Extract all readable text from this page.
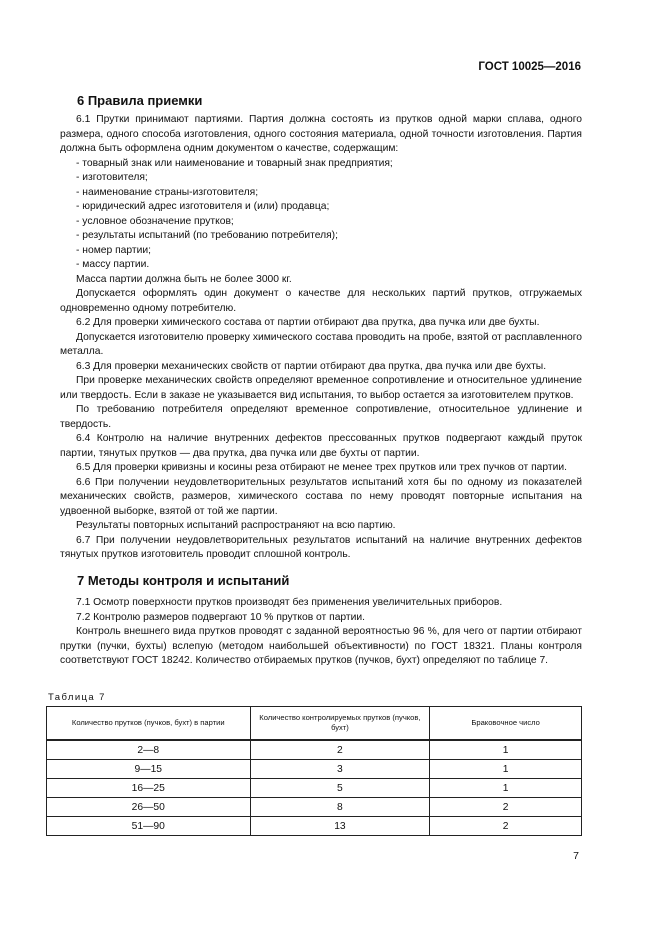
ГОСТ 10025—2016
6 Правила приемки

6.1 Прутки принимают партиями. Партия должна состоять из прутков одной марки сплава, одного размера, одного способа изготовления, одного состояния материала, одной точности изготовления. Партия должна быть оформлена одним документом о качестве, содержащим:

- товарный знак или наименование и товарный знак предприятия;

- изготовителя;

- наименование страны-изготовителя;

- юридический адрес изготовителя и (или) продавца;

- условное обозначение прутков;

- результаты испытаний (по требованию потребителя);

- номер партии;

- массу партии.

Масса партии должна быть не более 3000 кг.

Допускается оформлять один документ о качестве для нескольких партий прутков, отгружаемых одновременно одному потребителю.

6.2 Для проверки химического состава от партии отбирают два прутка, два пучка или две бухты.

Допускается изготовителю проверку химического состава проводить на пробе, взятой от расплавленного металла.

6.3 Для проверки механических свойств от партии отбирают два прутка, два пучка или две бухты.

При проверке механических свойств определяют временное сопротивление и относительное удлинение или твердость. Если в заказе не указывается вид испытания, то выбор остается за изготовителем прутков.

По требованию потребителя определяют временное сопротивление, относительное удлинение и твердость.

6.4 Контролю на наличие внутренних дефектов прессованных прутков подвергают каждый пруток партии, тянутых прутков — два прутка, два пучка или две бухты от партии.

6.5 Для проверки кривизны и косины реза отбирают не менее трех прутков или трех пучков от партии.

6.6 При получении неудовлетворительных результатов испытаний хотя бы по одному из показателей механических свойств, размеров, химического состава по нему проводят повторные испытания на удвоенной выборке, взятой от той же партии.

Результаты повторных испытаний распространяют на всю партию.

6.7 При получении неудовлетворительных результатов испытаний на наличие внутренних дефектов тянутых прутков изготовитель проводит сплошной контроль.

7 Методы контроля и испытаний

7.1 Осмотр поверхности прутков производят без применения увеличительных приборов.

7.2 Контролю размеров подвергают 10 % прутков от партии.

Контроль внешнего вида прутков проводят с заданной вероятностью 96 %, для чего от партии отбирают прутки (пучки, бухты) вслепую (методом наибольшей объективности) по ГОСТ 18321. Планы контроля соответствуют ГОСТ 18242. Количество отбираемых прутков (пучков, бухт) определяют по таблице 7.

Таблица 7
Количество прутков (пучков, бухт) в партии	Количество контролируемых прутков (пучков, бухт)	Браковочное число
2—8	2	1
9—15	3	1
16—25	5	1
26—50	8	2
51—90	13	2
7
